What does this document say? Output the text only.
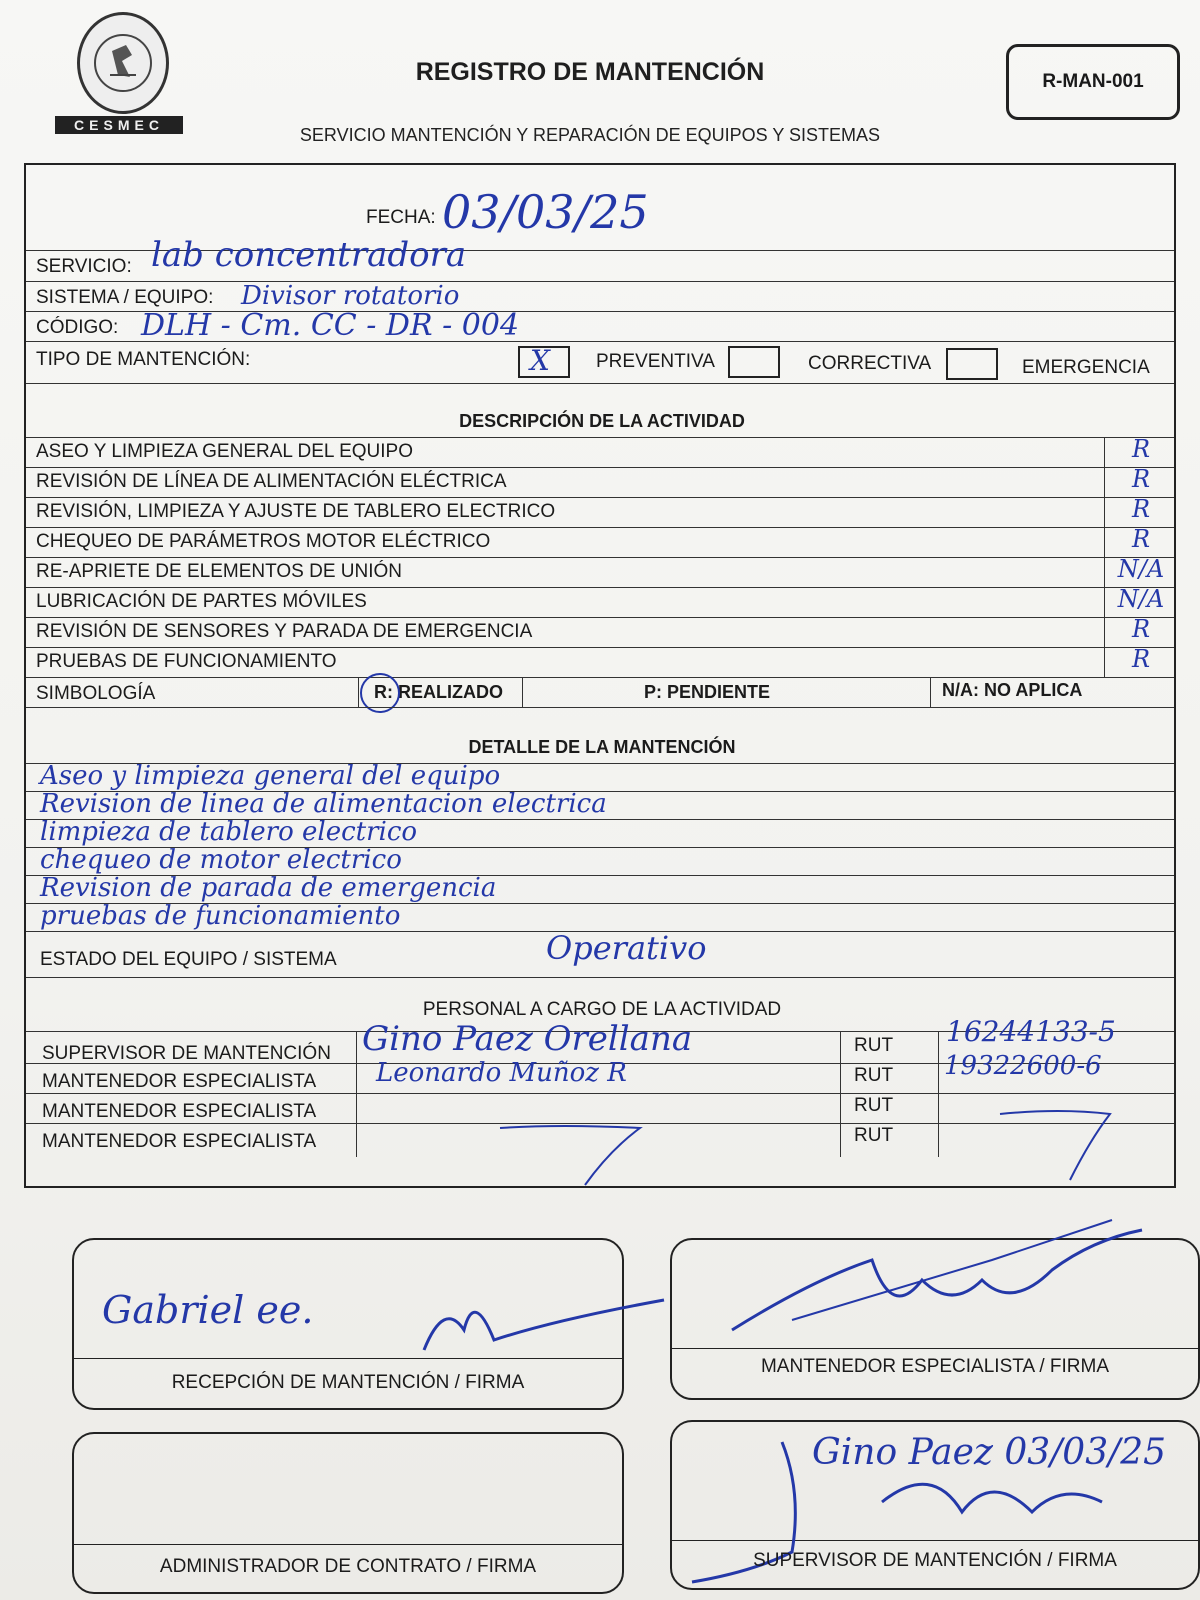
CESMEC
REGISTRO DE MANTENCIÓN
SERVICIO MANTENCIÓN Y REPARACIÓN DE EQUIPOS Y SISTEMAS
R-MAN-001
FECHA: 03/03/25
SERVICIO: lab concentradora
SISTEMA / EQUIPO: Divisor rotatorio
CÓDIGO: DLH - Cm. CC - DR - 004
TIPO DE MANTENCIÓN:	X PREVENTIVA	CORRECTIVA	EMERGENCIA
DESCRIPCIÓN DE LA ACTIVIDAD
ASEO Y LIMPIEZA GENERAL DEL EQUIPO	R
REVISIÓN DE LÍNEA DE ALIMENTACIÓN ELÉCTRICA	R
REVISIÓN, LIMPIEZA Y AJUSTE DE TABLERO ELECTRICO	R
CHEQUEO DE PARÁMETROS MOTOR ELÉCTRICO	R
RE-APRIETE DE ELEMENTOS DE UNIÓN	N/A
LUBRICACIÓN DE PARTES MÓVILES	N/A
REVISIÓN DE SENSORES Y PARADA DE EMERGENCIA	R
PRUEBAS DE FUNCIONAMIENTO	R
SIMBOLOGÍA	R: REALIZADO	P: PENDIENTE	N/A: NO APLICA
DETALLE DE LA MANTENCIÓN
Aseo y limpieza general del equipo
Revision de linea de alimentacion electrica
limpieza de tablero electrico
chequeo de motor electrico
Revision de parada de emergencia
pruebas de funcionamiento
ESTADO DEL EQUIPO / SISTEMA	Operativo
PERSONAL A CARGO DE LA ACTIVIDAD
SUPERVISOR DE MANTENCIÓN Gino Paez Orellana	RUT 16244133-5
MANTENEDOR ESPECIALISTA Leonardo Muñoz R	RUT 19322600-6
MANTENEDOR ESPECIALISTA	RUT
MANTENEDOR ESPECIALISTA	RUT
Gabriel ee.
RECEPCIÓN DE MANTENCIÓN / FIRMA
MANTENEDOR ESPECIALISTA / FIRMA
ADMINISTRADOR DE CONTRATO / FIRMA
Gino Paez 03/03/25
SUPERVISOR DE MANTENCIÓN / FIRMA
